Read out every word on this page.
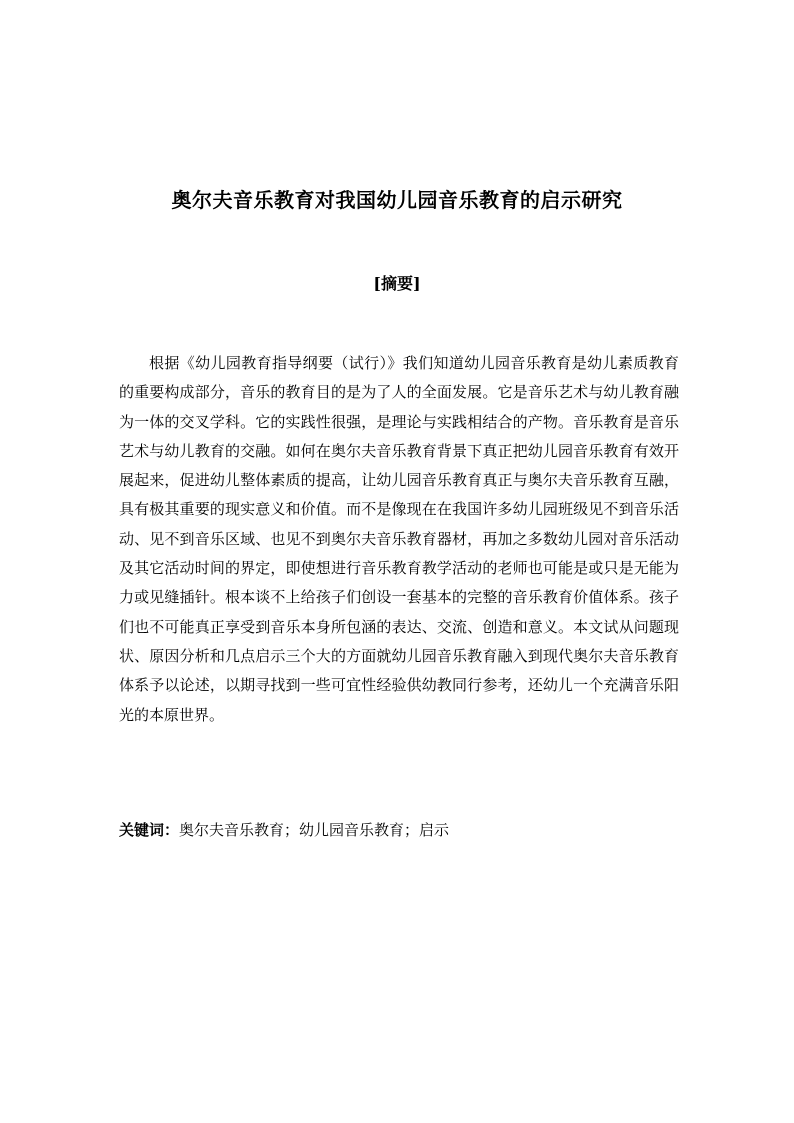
奥尔夫音乐教育对我国幼儿园音乐教育的启示研究
[摘要]
根据《幼儿园教育指导纲要（试行）》我们知道幼儿园音乐教育是幼儿素质教育的重要构成部分，音乐的教育目的是为了人的全面发展。它是音乐艺术与幼儿教育融为一体的交叉学科。它的实践性很强，是理论与实践相结合的产物。音乐教育是音乐艺术与幼儿教育的交融。如何在奥尔夫音乐教育背景下真正把幼儿园音乐教育有效开展起来，促进幼儿整体素质的提高，让幼儿园音乐教育真正与奥尔夫音乐教育互融，具有极其重要的现实意义和价值。而不是像现在在我国许多幼儿园班级见不到音乐活动、见不到音乐区域、也见不到奥尔夫音乐教育器材，再加之多数幼儿园对音乐活动及其它活动时间的界定，即使想进行音乐教育教学活动的老师也可能是或只是无能为力或见缝插针。根本谈不上给孩子们创设一套基本的完整的音乐教育价值体系。孩子们也不可能真正享受到音乐本身所包涵的表达、交流、创造和意义。本文试从问题现状、原因分析和几点启示三个大的方面就幼儿园音乐教育融入到现代奥尔夫音乐教育体系予以论述，以期寻找到一些可宜性经验供幼教同行参考，还幼儿一个充满音乐阳光的本原世界。
关键词：奥尔夫音乐教育；幼儿园音乐教育；启示
